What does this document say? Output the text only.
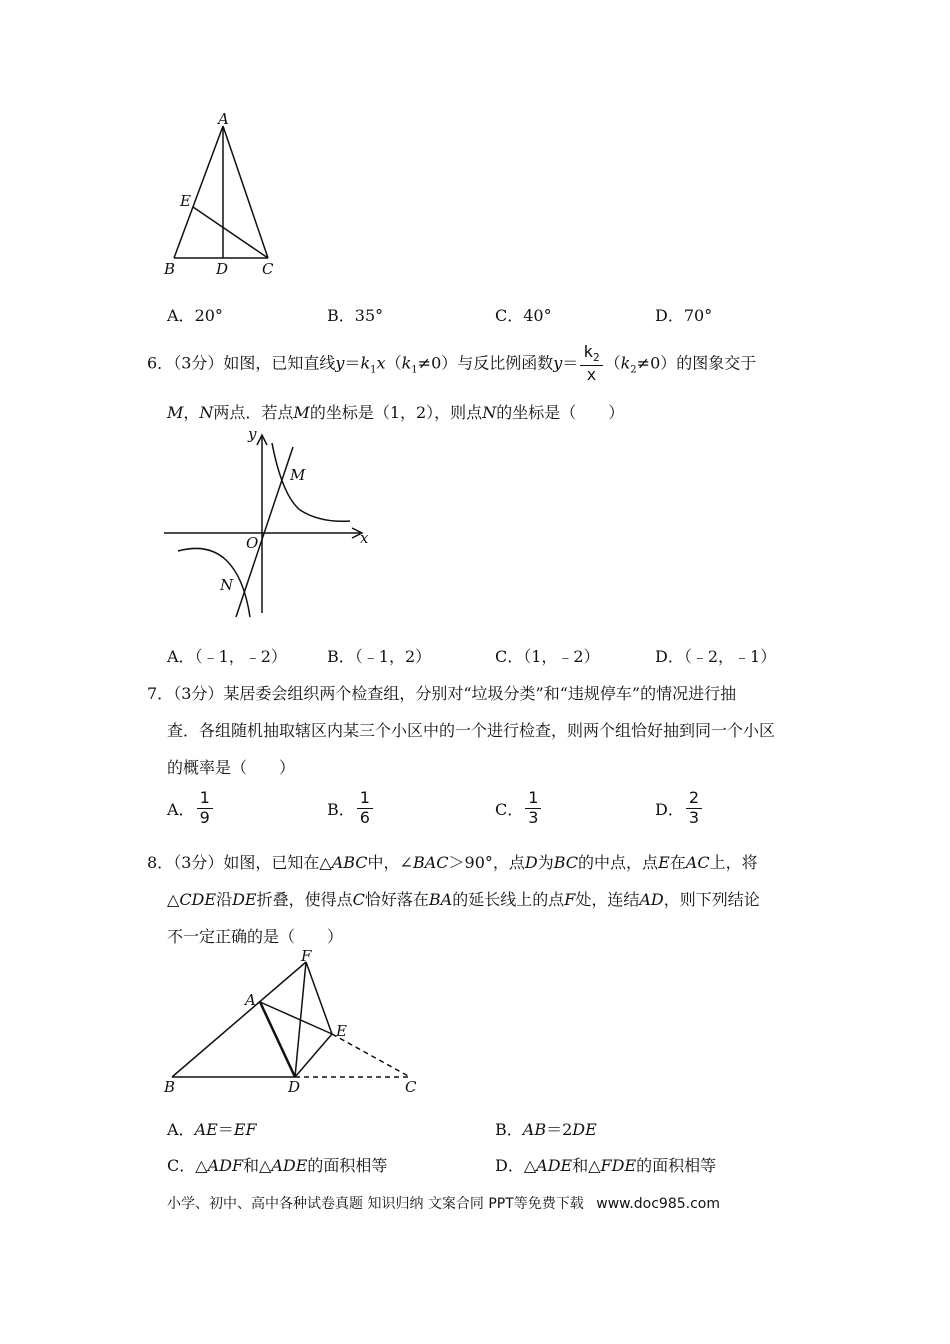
A
E
B	D C
A．20°	B．35°	C．40°	D．70°
6．（3分）如图，已知直线$y=k_1x(k_1\ne 0)$与反比例函数$y= \frac{k_2}{x} (k_2\ne 0)$的图象交于
M，N两点．若点M的坐标是（1，2），则点N的坐标是（　　）
y
x
O
M
N
A．（﹣1，﹣2）	B．（﹣1，2）	C．（1，﹣2）	D．（﹣2，﹣1）
7．（3分）某居委会组织两个检查组，分别对“垃圾分类”和“违规停车”的情况进行抽
查．各组随机抽取辖区内某三个小区中的一个进行检查，则两个组恰好抽到同一个小区
的概率是（　　）
A． $\frac{1}{9}$	B． $\frac{1}{6}$	C． $\frac{1}{3}$	D． $\frac{2}{3}$
8．（3分）如图，已知在△ABC中，∠BAC＞90°，点D为BC的中点，点E在AC上，将
△CDE沿DE折叠，使得点C恰好落在BA的延长线上的点F处，连结AD，则下列结论
不一定正确的是（　　）
F
A
E
B	D	C
A．AE＝EF	B．AB＝2DE
C．△ADF和△ADE的面积相等	D．△ADE和△FDE的面积相等
小学、初中、高中各种试卷真题 知识归纳 文案合同 PPT等免费下载 www.doc985.com
